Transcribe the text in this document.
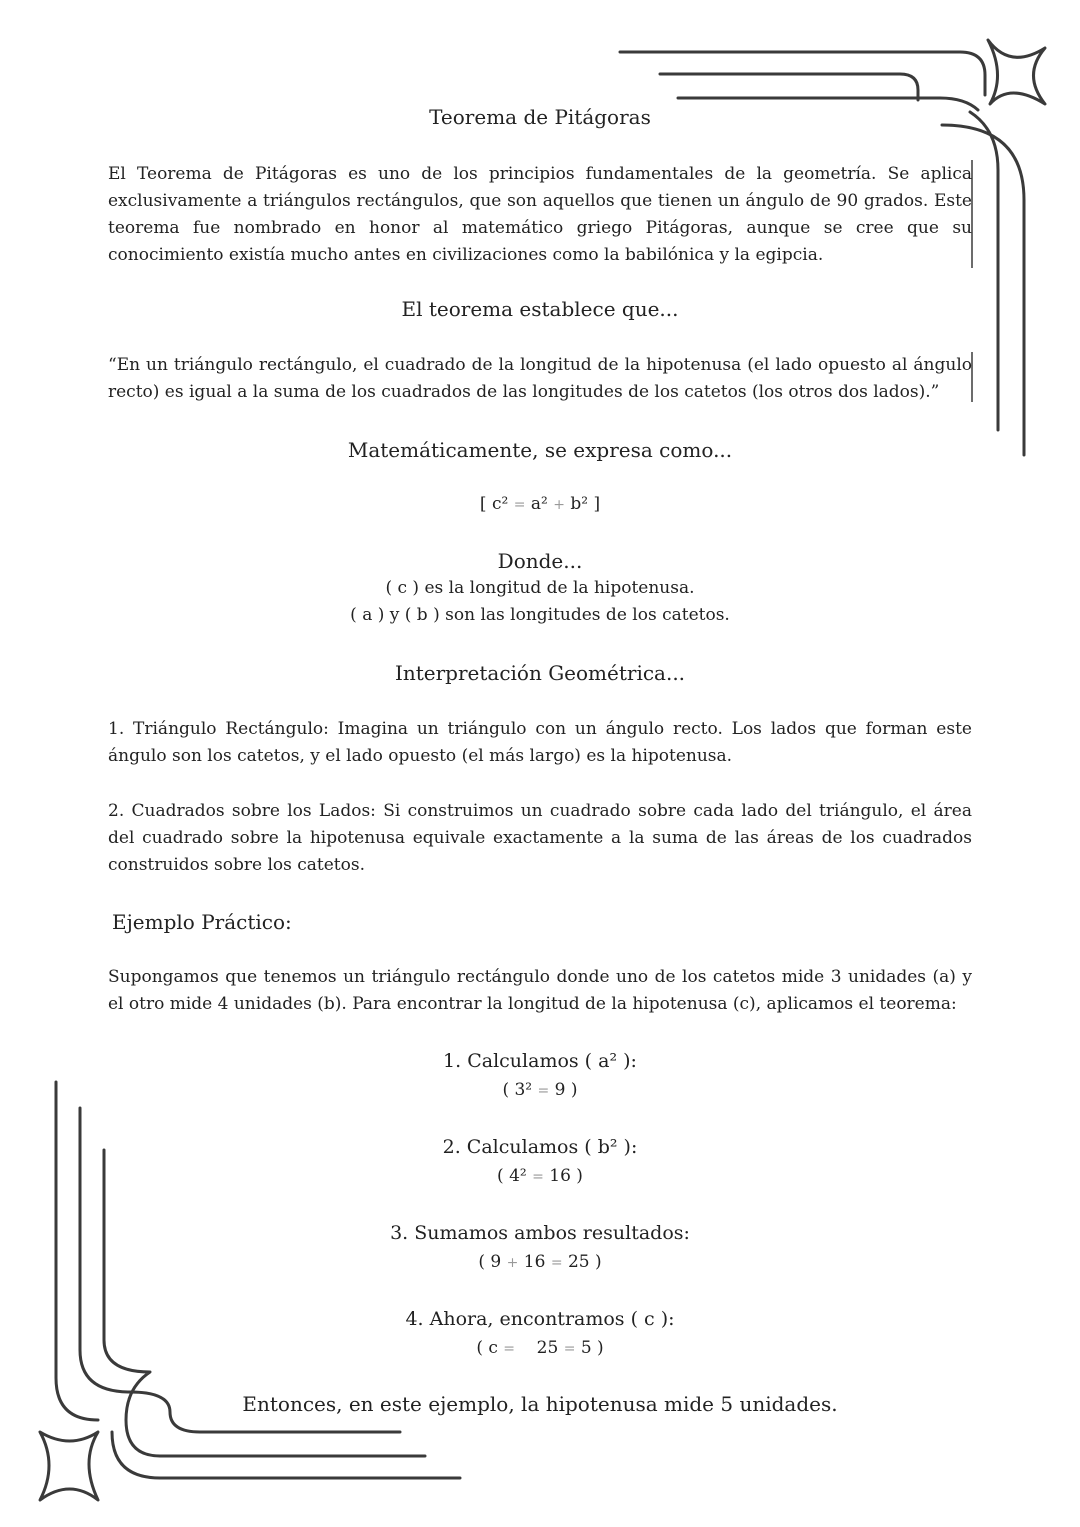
Teorema de Pitágoras
El Teorema de Pitágoras es uno de los principios fundamentales de la geometría. Se aplica exclusivamente a triángulos rectángulos, que son aquellos que tienen un ángulo de 90 grados. Este teorema fue nombrado en honor al matemático griego Pitágoras, aunque se cree que su conocimiento existía mucho antes en civilizaciones como la babilónica y la egipcia.
El teorema establece que...
“En un triángulo rectángulo, el cuadrado de la longitud de la hipotenusa (el lado opuesto al ángulo recto) es igual a la suma de los cuadrados de las longitudes de los catetos (los otros dos lados).”
Matemáticamente, se expresa como...
[ c² = a² + b² ]
Donde...
( c ) es la longitud de la hipotenusa.
( a ) y ( b ) son las longitudes de los catetos.
Interpretación Geométrica...
1. Triángulo Rectángulo: Imagina un triángulo con un ángulo recto. Los lados que forman este ángulo son los catetos, y el lado opuesto (el más largo) es la hipotenusa.
2. Cuadrados sobre los Lados: Si construimos un cuadrado sobre cada lado del triángulo, el área del cuadrado sobre la hipotenusa equivale exactamente a la suma de las áreas de los cuadrados construidos sobre los catetos.
Ejemplo Práctico:
Supongamos que tenemos un triángulo rectángulo donde uno de los catetos mide 3 unidades (a) y el otro mide 4 unidades (b). Para encontrar la longitud de la hipotenusa (c), aplicamos el teorema:
1. Calculamos ( a² ):
( 3² = 9 )
2. Calculamos ( b² ):
( 4² = 16 )
3. Sumamos ambos resultados:
( 9 + 16 = 25 )
4. Ahora, encontramos ( c ):
( c = 25 = 5 )
Entonces, en este ejemplo, la hipotenusa mide 5 unidades.
